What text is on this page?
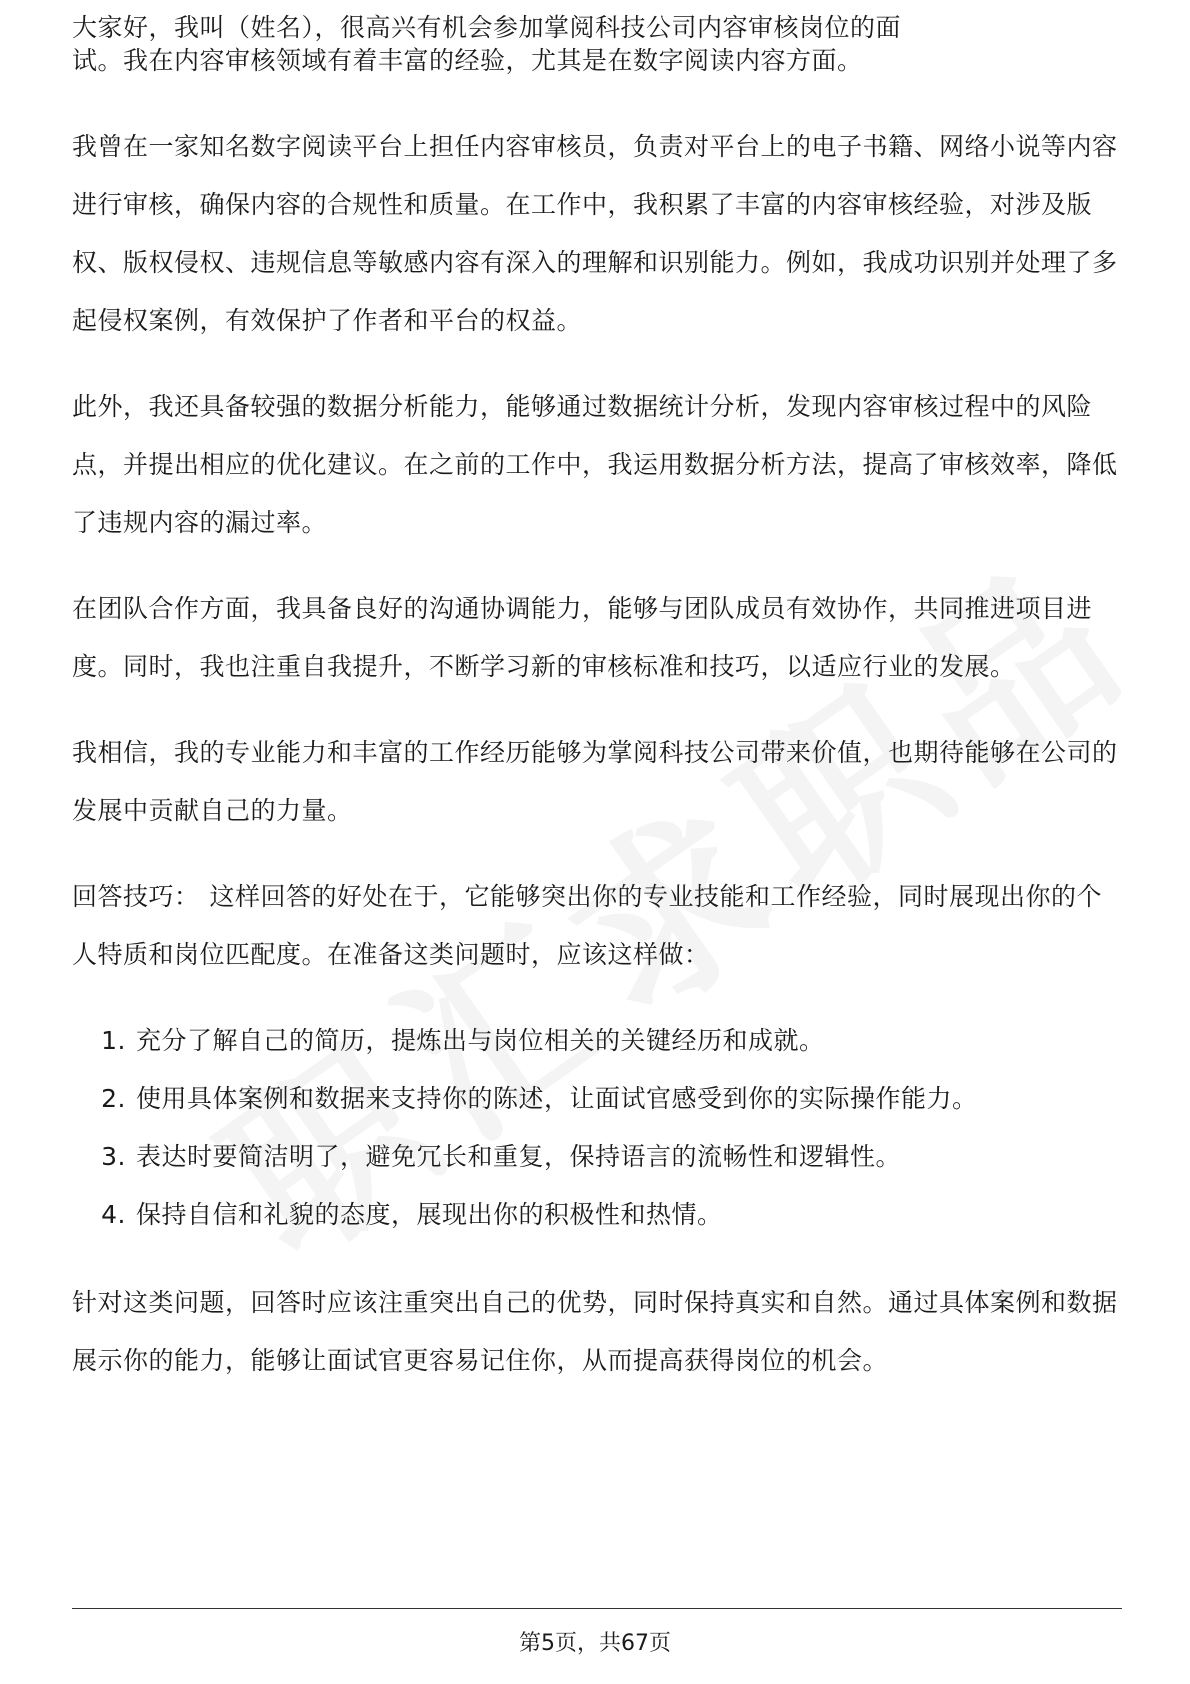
大家好，我叫（姓名），很高兴有机会参加掌阅科技公司内容审核岗位的面

试。我在内容审核领域有着丰富的经验，尤其是在数字阅读内容方面。

我曾在一家知名数字阅读平台上担任内容审核员，负责对平台上的电子书籍、网络小说等内容进行审核，确保内容的合规性和质量。在工作中，我积累了丰富的内容审核经验，对涉及版权、版权侵权、违规信息等敏感内容有深入的理解和识别能力。例如，我成功识别并处理了多起侵权案例，有效保护了作者和平台的权益。

此外，我还具备较强的数据分析能力，能够通过数据统计分析，发现内容审核过程中的风险点，并提出相应的优化建议。在之前的工作中，我运用数据分析方法，提高了审核效率，降低了违规内容的漏过率。

在团队合作方面，我具备良好的沟通协调能力，能够与团队成员有效协作，共同推进项目进度。同时，我也注重自我提升，不断学习新的审核标准和技巧，以适应行业的发展。

我相信，我的专业能力和丰富的工作经历能够为掌阅科技公司带来价值，也期待能够在公司的发展中贡献自己的力量。

回答技巧： 这样回答的好处在于，它能够突出你的专业技能和工作经验，同时展现出你的个人特质和岗位匹配度。在准备这类问题时，应该这样做：

1. 充分了解自己的简历，提炼出与岗位相关的关键经历和成就。
2. 使用具体案例和数据来支持你的陈述，让面试官感受到你的实际操作能力。
3. 表达时要简洁明了，避免冗长和重复，保持语言的流畅性和逻辑性。
4. 保持自信和礼貌的态度，展现出你的积极性和热情。

针对这类问题，回答时应该注重突出自己的优势，同时保持真实和自然。通过具体案例和数据展示你的能力，能够让面试官更容易记住你，从而提高获得岗位的机会。

第5页，共67页
